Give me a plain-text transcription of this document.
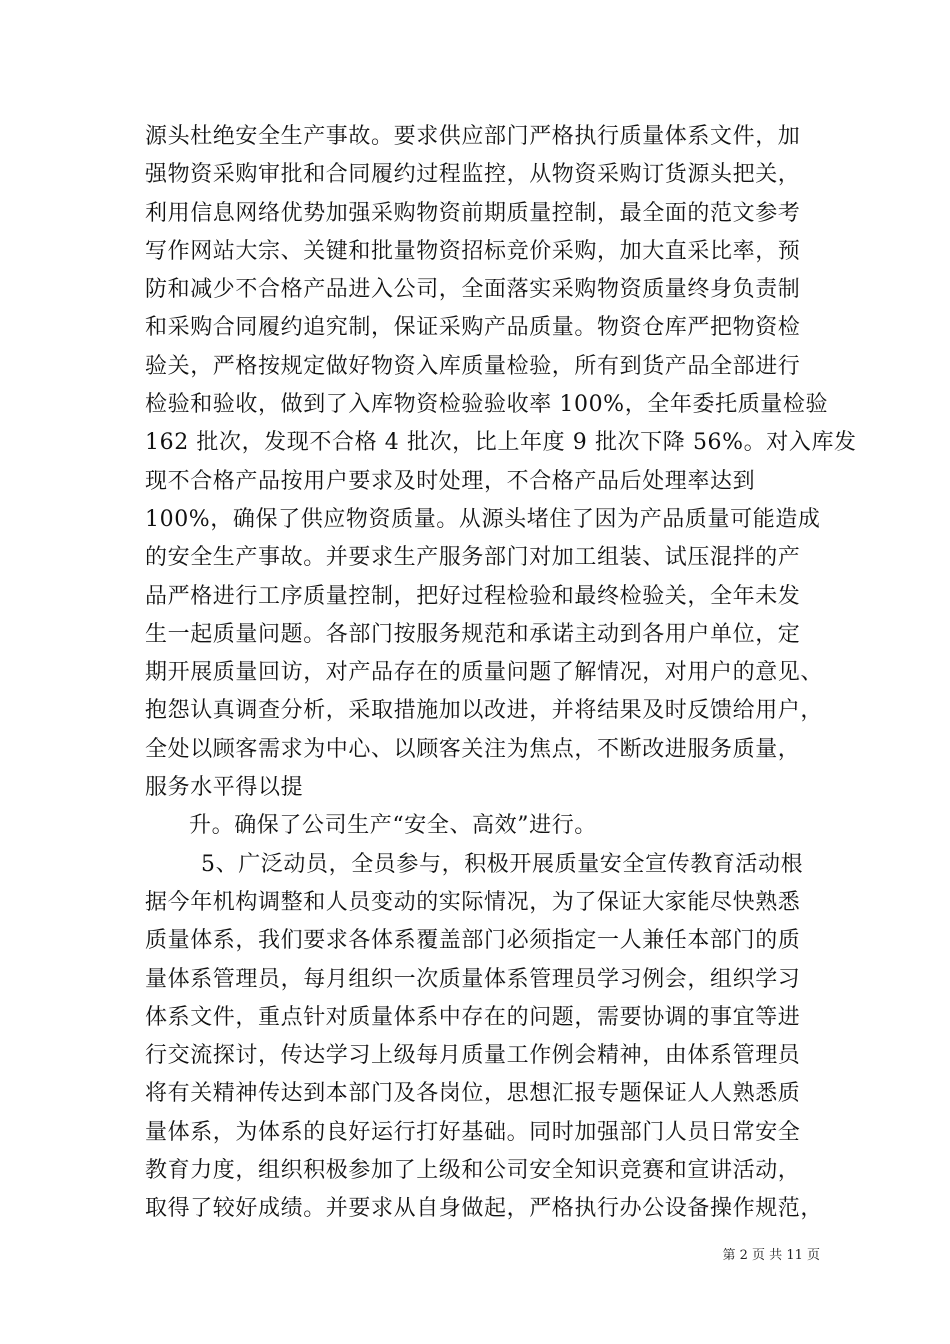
源头杜绝安全生产事故。要求供应部门严格执行质量体系文件，加
强物资采购审批和合同履约过程监控，从物资采购订货源头把关，
利用信息网络优势加强采购物资前期质量控制，最全面的范文参考
写作网站大宗、关键和批量物资招标竞价采购，加大直采比率，预
防和减少不合格产品进入公司，全面落实采购物资质量终身负责制
和采购合同履约追究制，保证采购产品质量。物资仓库严把物资检
验关，严格按规定做好物资入库质量检验，所有到货产品全部进行
检验和验收，做到了入库物资检验验收率 100%，全年委托质量检验
162 批次，发现不合格 4 批次，比上年度 9 批次下降 56%。对入库发
现不合格产品按用户要求及时处理，不合格产品后处理率达到
100%，确保了供应物资质量。从源头堵住了因为产品质量可能造成
的安全生产事故。并要求生产服务部门对加工组装、试压混拌的产
品严格进行工序质量控制，把好过程检验和最终检验关，全年未发
生一起质量问题。各部门按服务规范和承诺主动到各用户单位，定
期开展质量回访，对产品存在的质量问题了解情况，对用户的意见、
抱怨认真调查分析，采取措施加以改进，并将结果及时反馈给用户，
全处以顾客需求为中心、以顾客关注为焦点，不断改进服务质量，
服务水平得以提
升。确保了公司生产“安全、高效”进行。
5、广泛动员，全员参与，积极开展质量安全宣传教育活动根
据今年机构调整和人员变动的实际情况，为了保证大家能尽快熟悉
质量体系，我们要求各体系覆盖部门必须指定一人兼任本部门的质
量体系管理员，每月组织一次质量体系管理员学习例会，组织学习
体系文件，重点针对质量体系中存在的问题，需要协调的事宜等进
行交流探讨，传达学习上级每月质量工作例会精神，由体系管理员
将有关精神传达到本部门及各岗位，思想汇报专题保证人人熟悉质
量体系，为体系的良好运行打好基础。同时加强部门人员日常安全
教育力度，组织积极参加了上级和公司安全知识竞赛和宣讲活动，
取得了较好成绩。并要求从自身做起，严格执行办公设备操作规范，
第 2 页 共 11 页
